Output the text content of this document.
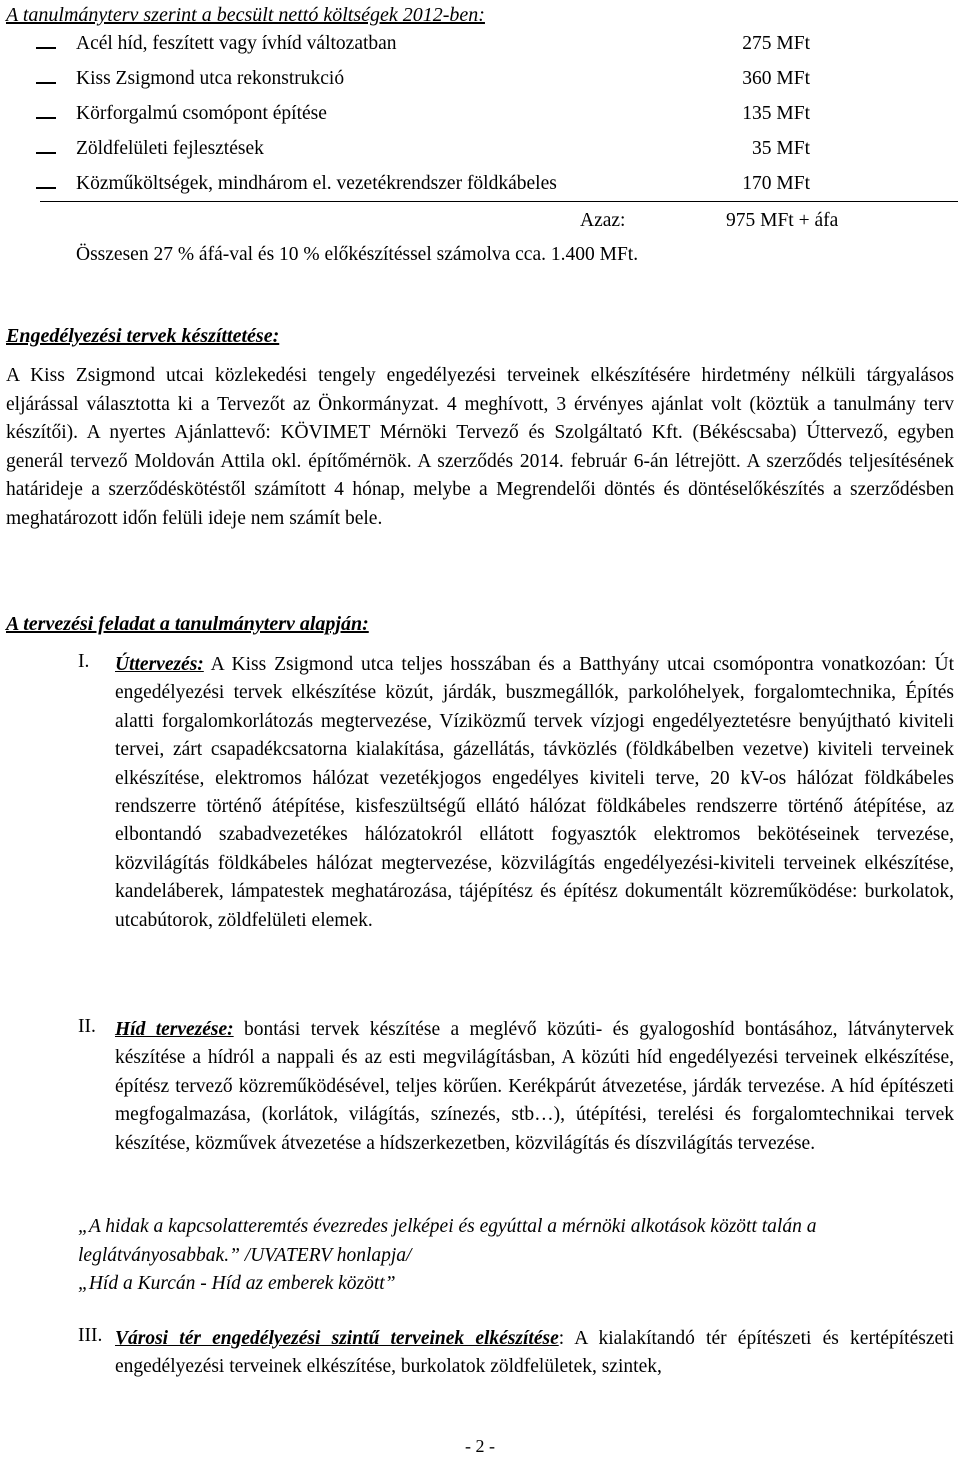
A tanulmányterv szerint a becsült nettó költségek 2012-ben:
Acél híd, feszített vagy ívhíd változatban	275 MFt
Kiss Zsigmond utca rekonstrukció	360 MFt
Körforgalmú csomópont építése	135 MFt
Zöldfelületi fejlesztések	35 MFt
Közműköltségek, mindhárom el. vezetékrendszer földkábeles	170 MFt
Azaz:	975 MFt + áfa
Összesen 27 % áfá-val és 10 % előkészítéssel számolva cca. 1.400 MFt.
Engedélyezési tervek készíttetése:
A Kiss Zsigmond utcai közlekedési tengely engedélyezési terveinek elkészítésére hirdetmény nélküli tárgyalásos eljárással választotta ki a Tervezőt az Önkormányzat. 4 meghívott, 3 érvényes ajánlat volt (köztük a tanulmány terv készítői). A nyertes Ajánlattevő: KÖVIMET Mérnöki Tervező és Szolgáltató Kft. (Békéscsaba) Úttervező, egyben generál tervező Moldován Attila okl. építőmérnök. A szerződés 2014. február 6-án létrejött. A szerződés teljesítésének határideje a szerződéskötéstől számított 4 hónap, melybe a Megrendelői döntés és döntéselőkészítés a szerződésben meghatározott időn felüli ideje nem számít bele.
A tervezési feladat a tanulmányterv alapján:
I. Úttervezés: A Kiss Zsigmond utca teljes hosszában és a Batthyány utcai csomópontra vonatkozóan: Út engedélyezési tervek elkészítése közút, járdák, buszmegállók, parkolóhelyek, forgalomtechnika, Építés alatti forgalomkorlátozás megtervezése, Víziközmű tervek vízjogi engedélyeztetésre benyújtható kiviteli tervei, zárt csapadékcsatorna kialakítása, gázellátás, távközlés (földkábelben vezetve) kiviteli terveinek elkészítése, elektromos hálózat vezetékjogos engedélyes kiviteli terve, 20 kV-os hálózat földkábeles rendszerre történő átépítése, kisfeszültségű ellátó hálózat földkábeles rendszerre történő átépítése, az elbontandó szabadvezetékes hálózatokról ellátott fogyasztók elektromos bekötéseinek tervezése, közvilágítás földkábeles hálózat megtervezése, közvilágítás engedélyezési-kiviteli terveinek elkészítése, kandeláberek, lámpatestek meghatározása, tájépítész és építész dokumentált közreműködése: burkolatok, utcabútorok, zöldfelületi elemek.
II. Híd tervezése: bontási tervek készítése a meglévő közúti- és gyalogoshíd bontásához, látványtervek készítése a hídról a nappali és az esti megvilágításban, A közúti híd engedélyezési terveinek elkészítése, építész tervező közreműködésével, teljes körűen. Kerékpárút átvezetése, járdák tervezése. A híd építészeti megfogalmazása, (korlátok, világítás, színezés, stb…), útépítési, terelési és forgalomtechnikai tervek készítése, közművek átvezetése a hídszerkezetben, közvilágítás és díszvilágítás tervezése.
„A hidak a kapcsolatteremtés évezredes jelképei és egyúttal a mérnöki alkotások között talán a leglátványosabbak.” /UVATERV honlapja/
„Híd a Kurcán - Híd az emberek között”
III. Városi tér engedélyezési szintű terveinek elkészítése: A kialakítandó tér építészeti és kertépítészeti engedélyezési terveinek elkészítése, burkolatok zöldfelületek, szintek,
- 2 -
